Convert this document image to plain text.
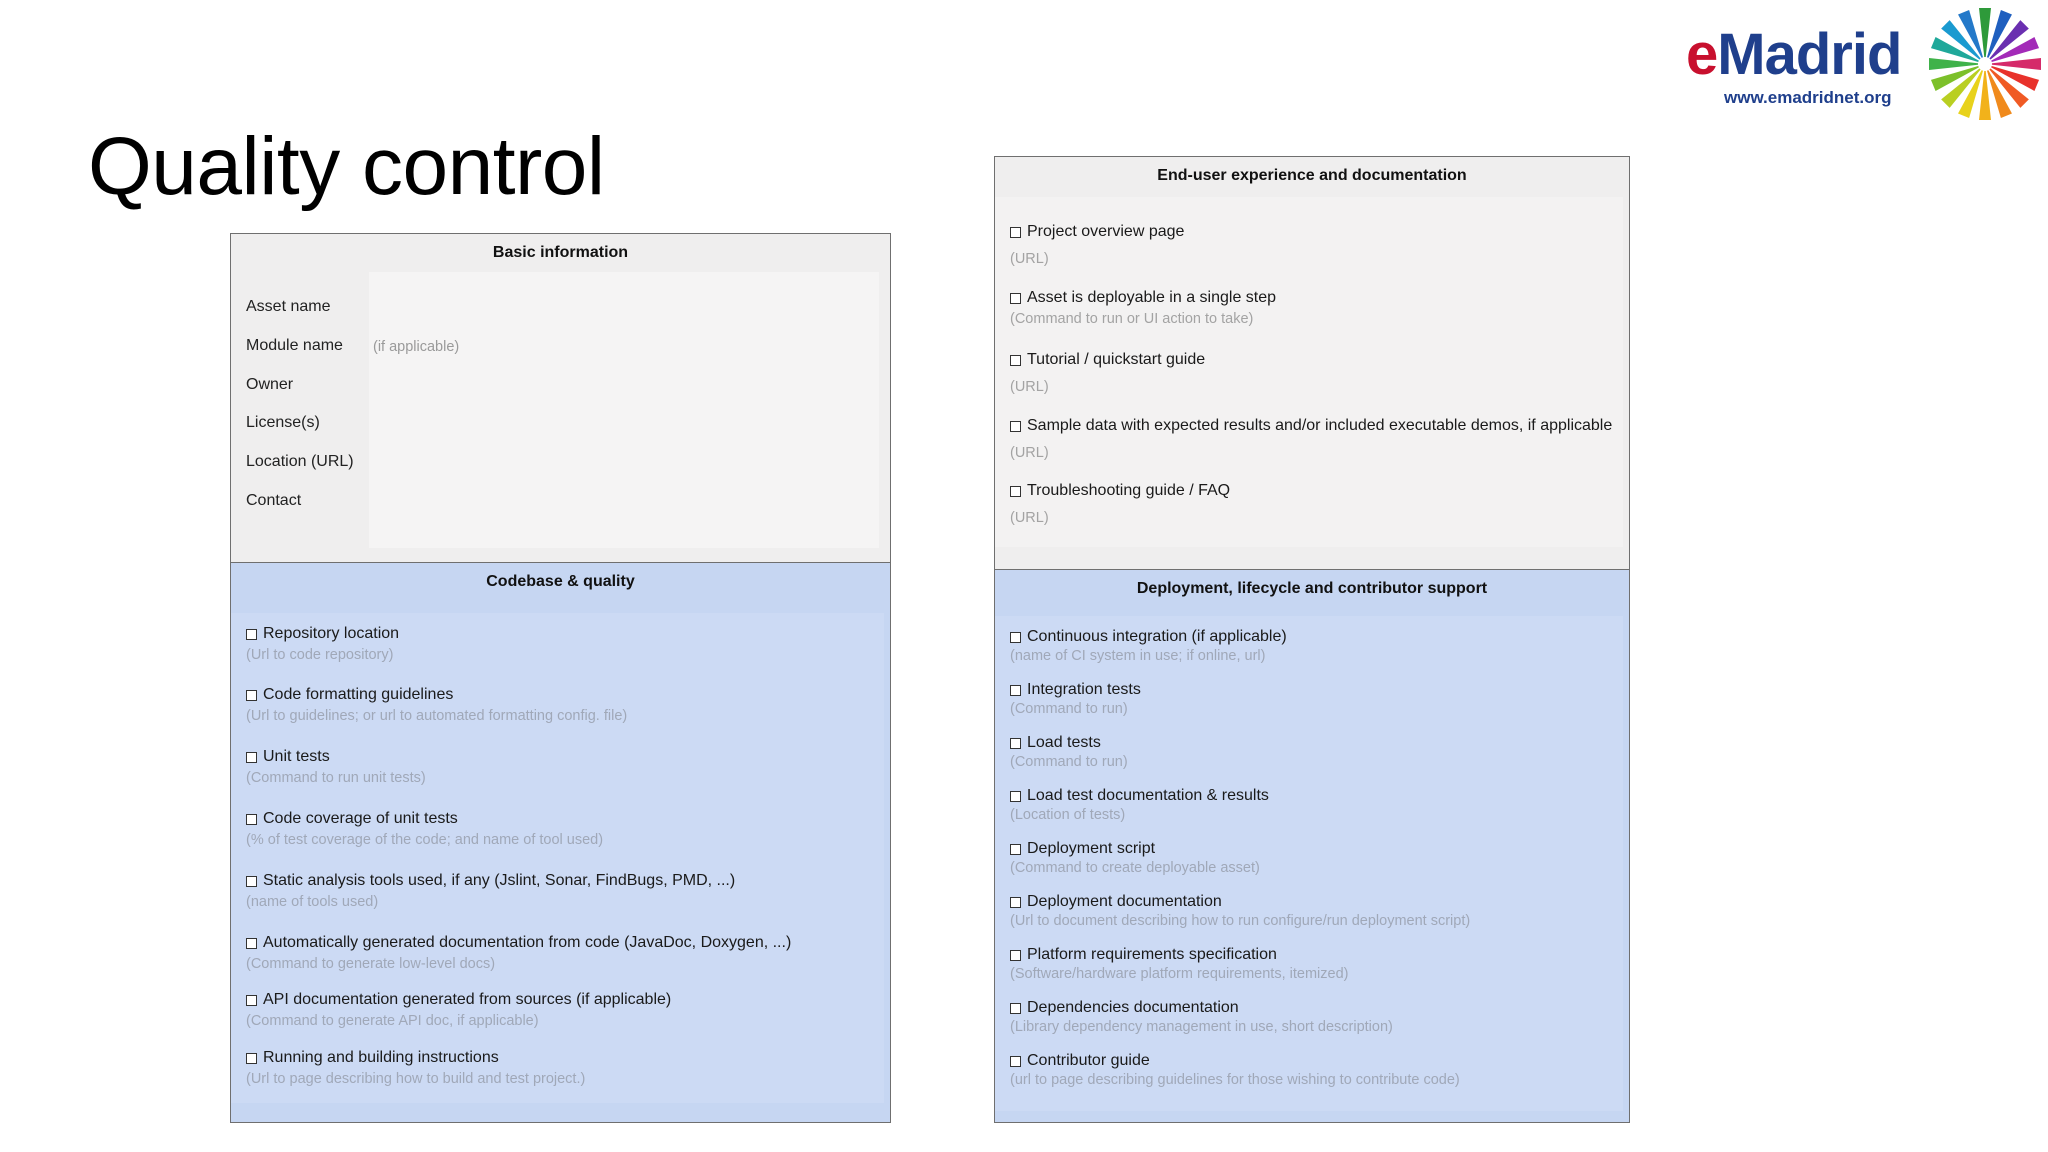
Quality control
eMadrid
www.emadridnet.org
Basic information
Asset name
Module name (if applicable)
Owner
License(s)
Location (URL)
Contact
Codebase & quality
Repository location
(Url to code repository)
Code formatting guidelines
(Url to guidelines; or url to automated formatting config. file)
Unit tests
(Command to run unit tests)
Code coverage of unit tests
(% of test coverage of the code; and name of tool used)
Static analysis tools used, if any (Jslint, Sonar, FindBugs, PMD, ...)
(name of tools used)
Automatically generated documentation from code (JavaDoc, Doxygen, ...)
(Command to generate low-level docs)
API documentation generated from sources (if applicable)
(Command to generate API doc, if applicable)
Running and building instructions
(Url to page describing how to build and test project.)
End-user experience and documentation
Project overview page
(URL)
Asset is deployable in a single step
(Command to run or UI action to take)
Tutorial / quickstart guide
(URL)
Sample data with expected results and/or included executable demos, if applicable
(URL)
Troubleshooting guide / FAQ
(URL)
Deployment, lifecycle and contributor support
Continuous integration (if applicable)
(name of CI system in use; if online, url)
Integration tests
(Command to run)
Load tests
(Command to run)
Load test documentation & results
(Location of tests)
Deployment script
(Command to create deployable asset)
Deployment documentation
(Url to document describing how to run configure/run deployment script)
Platform requirements specification
(Software/hardware platform requirements, itemized)
Dependencies documentation
(Library dependency management in use, short description)
Contributor guide
(url to page describing guidelines for those wishing to contribute code)
